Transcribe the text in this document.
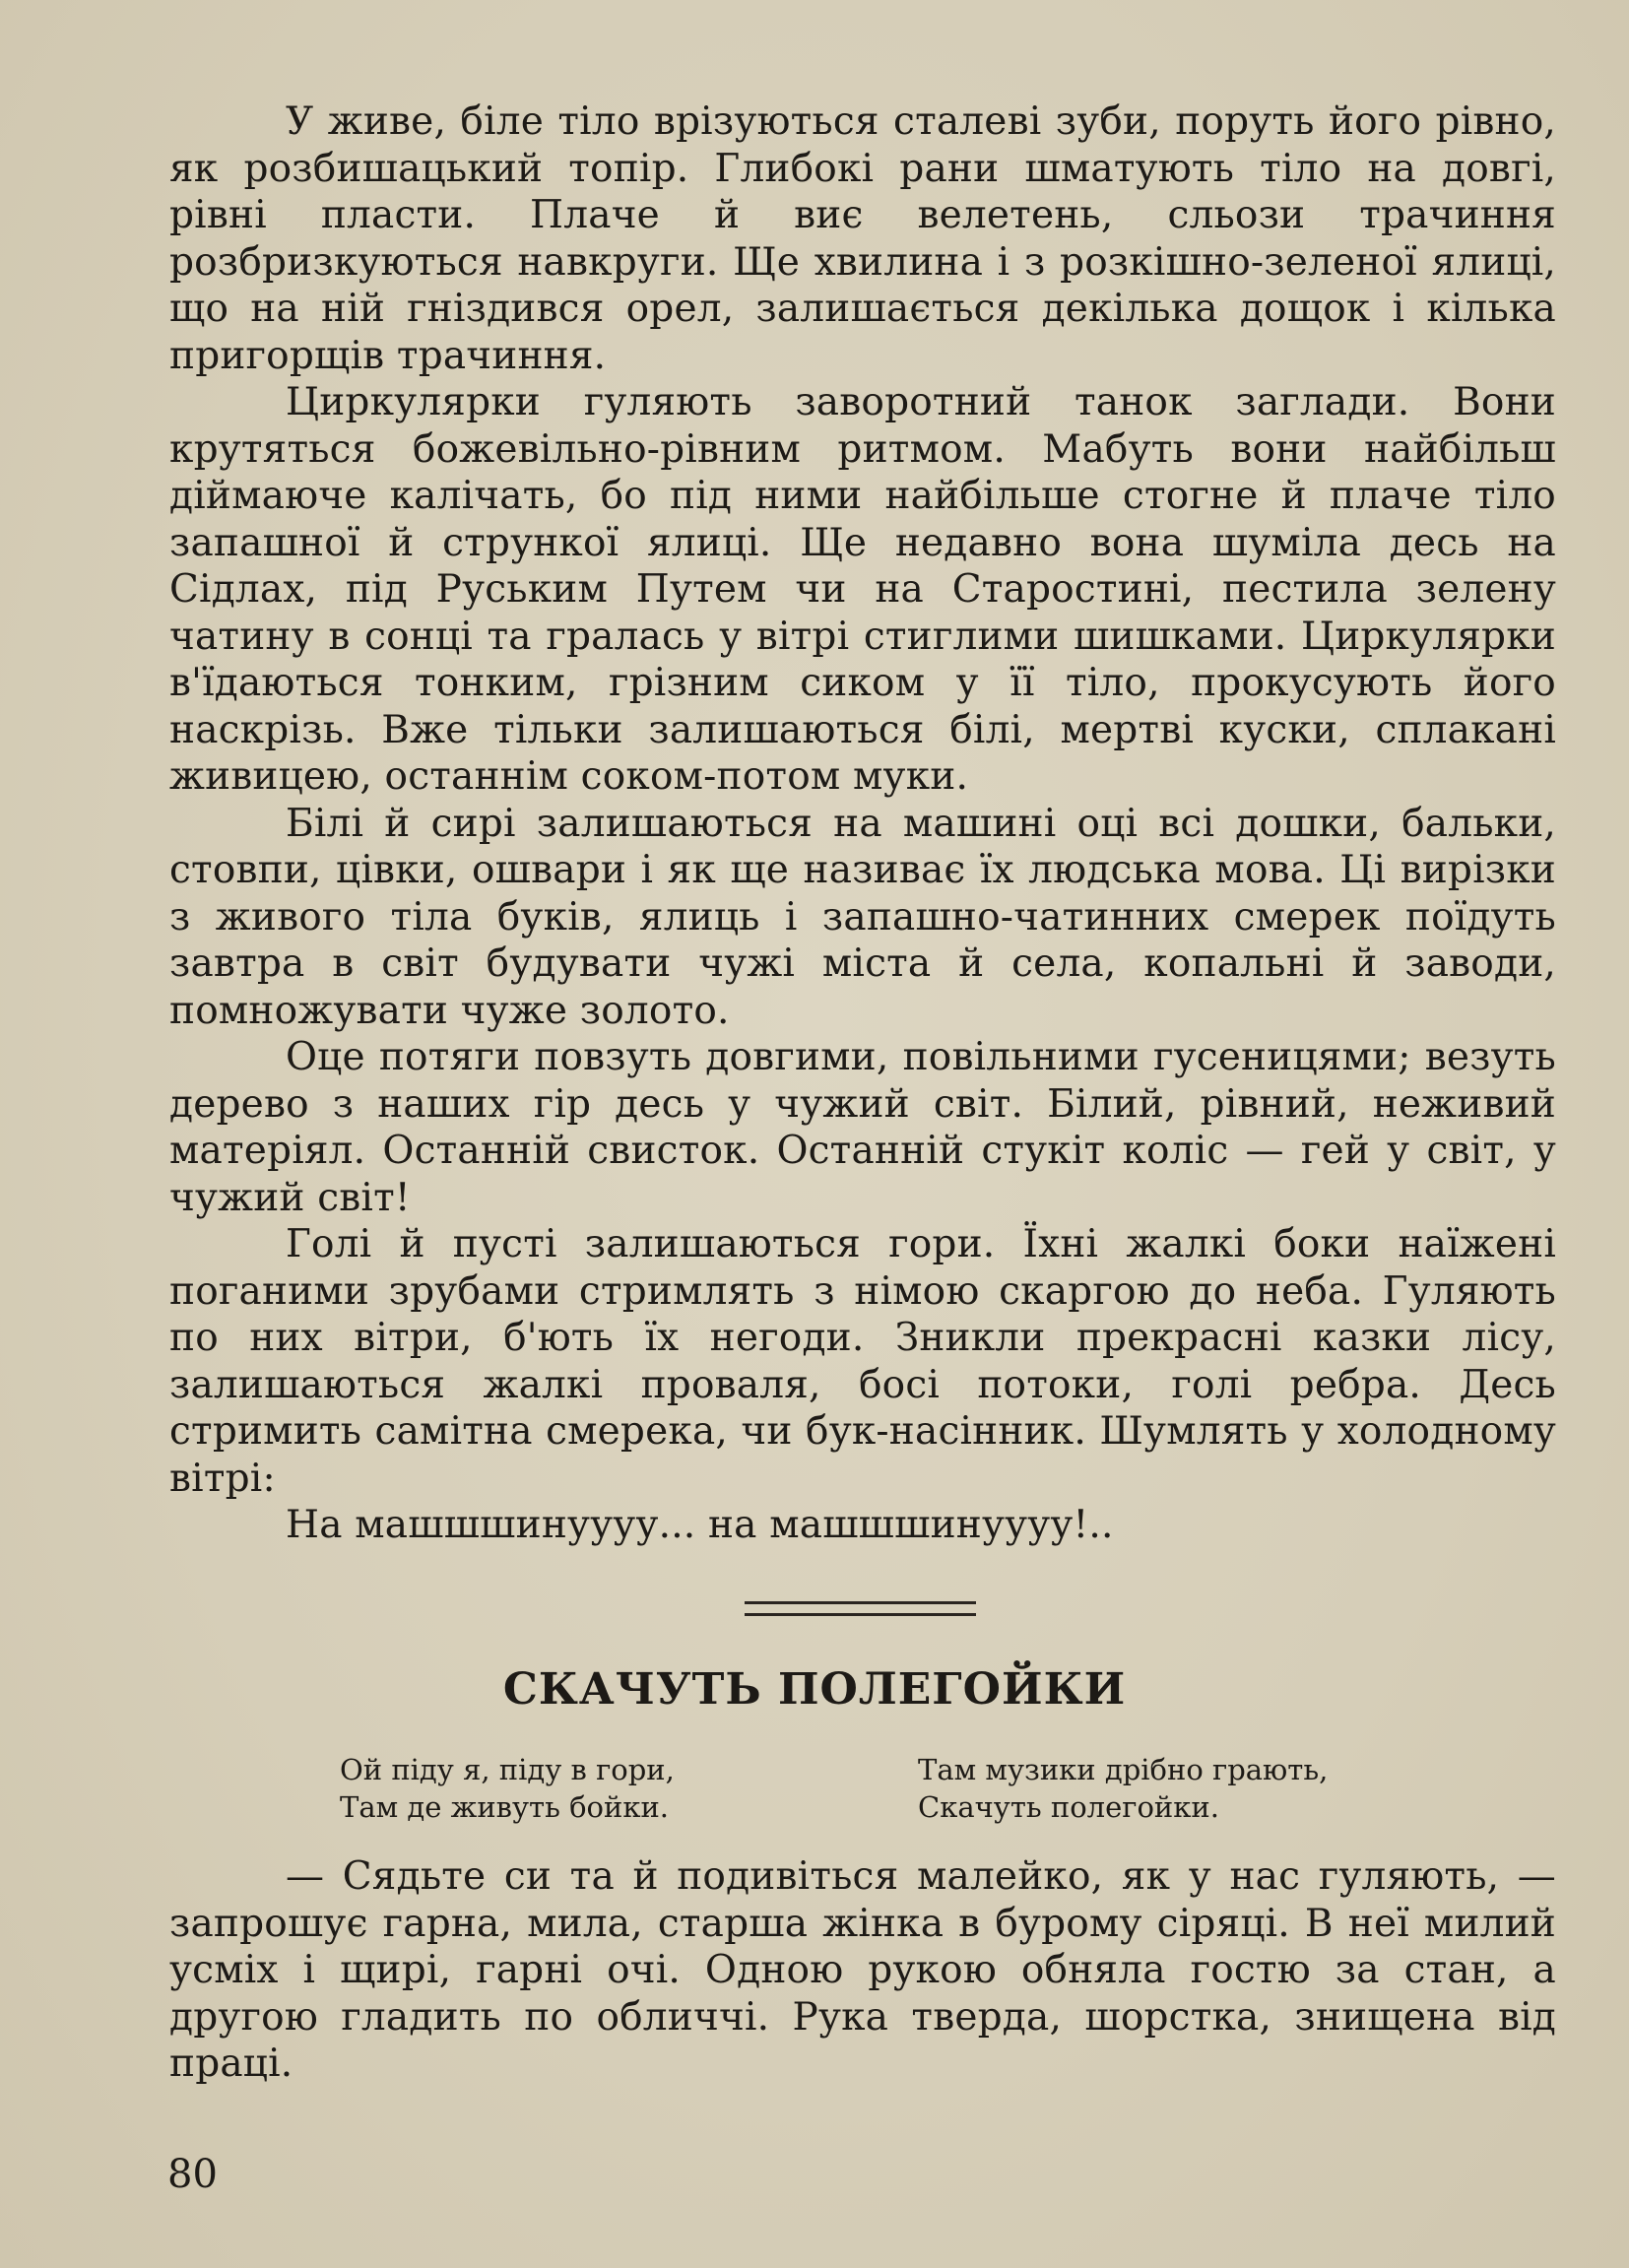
У живе, біле тіло врізуються сталеві зуби, поруть його рівно, як розбишацький топір. Глибокі рани шматують тіло на довгі, рівні пласти. Плаче й виє велетень, сльози трачиння розбризкуються навкруги. Ще хвилина і з розкішно-зеленої ялиці, що на ній гніздився орел, залишається декілька дощок і кілька пригорщів трачиння.

Циркулярки гуляють заворотний танок заглади. Вони крутяться божевільно-рівним ритмом. Мабуть вони найбільш діймаюче калічать, бо під ними найбільше стогне й плаче тіло запашної й стрункої ялиці. Ще недавно вона шуміла десь на Сідлах, під Руським Путем чи на Старостині, пестила зелену чатину в сонці та гралась у вітрі стиглими шишками. Циркулярки в'їдаються тонким, грізним сиком у її тіло, прокусують його наскрізь. Вже тільки залишаються білі, мертві куски, сплакані живицею, останнім соком-потом муки.

Білі й сирі залишаються на машині оці всі дошки, бальки, стовпи, цівки, ошвари і як ще називає їх людська мова. Ці вирізки з живого тіла буків, ялиць і запашно-чатинних смерек поїдуть завтра в світ будувати чужі міста й села, копальні й заводи, помножувати чуже золото.

Оце потяги повзуть довгими, повільними гусеницями; везуть дерево з наших гір десь у чужий світ. Білий, рівний, неживий матеріял. Останній свисток. Останній стукіт коліс — гей у світ, у чужий світ!

Голі й пусті залишаються гори. Їхні жалкі боки наїжені поганими зрубами стримлять з німою скаргою до неба. Гуляють по них вітри, б'ють їх негоди. Зникли прекрасні казки лісу, залишаються жалкі проваля, босі потоки, голі ребра. Десь стримить самітна смерека, чи бук-насінник. Шумлять у холодному вітрі:

На машшшинуууу... на машшшинуууу!..

СКАЧУТЬ ПОЛЕГОЙКИ
Ой піду я, піду в гори,
Там де живуть бойки.
Там музики дрібно грають,
Скачуть полегойки.

— Сядьте си та й подивіться малейко, як у нас гуляють, — запрошує гарна, мила, старша жінка в бурому сіряці. В неї милий усміх і щирі, гарні очі. Одною рукою обняла гостю за стан, а другою гладить по обличчі. Рука тверда, шорстка, знищена від праці.

80
